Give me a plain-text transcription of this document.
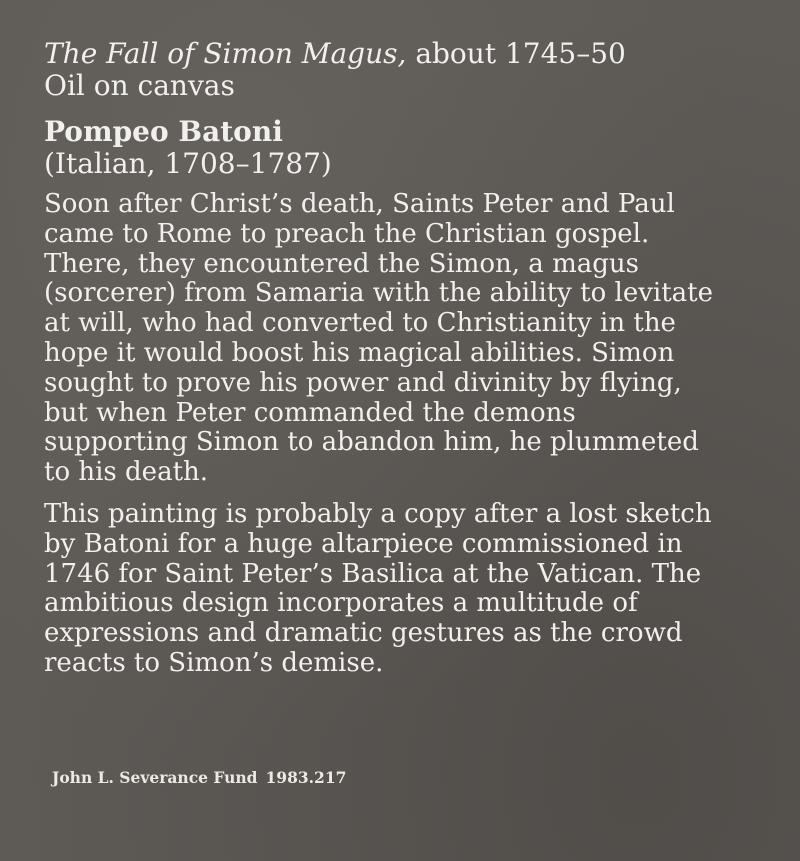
The Fall of Simon Magus, about 1745–50

Oil on canvas

Pompeo Batoni

(Italian, 1708–1787)

Soon after Christ’s death, Saints Peter and Paul came to Rome to preach the Christian gospel. There, they encountered the Simon, a magus (sorcerer) from Samaria with the ability to levitate at will, who had converted to Christianity in the hope it would boost his magical abilities. Simon sought to prove his power and divinity by flying, but when Peter commanded the demons supporting Simon to abandon him, he plummeted to his death.

This painting is probably a copy after a lost sketch by Batoni for a huge altarpiece commissioned in 1746 for Saint Peter’s Basilica at the Vatican. The ambitious design incorporates a multitude of expressions and dramatic gestures as the crowd reacts to Simon’s demise.

John L. Severance Fund 1983.217
